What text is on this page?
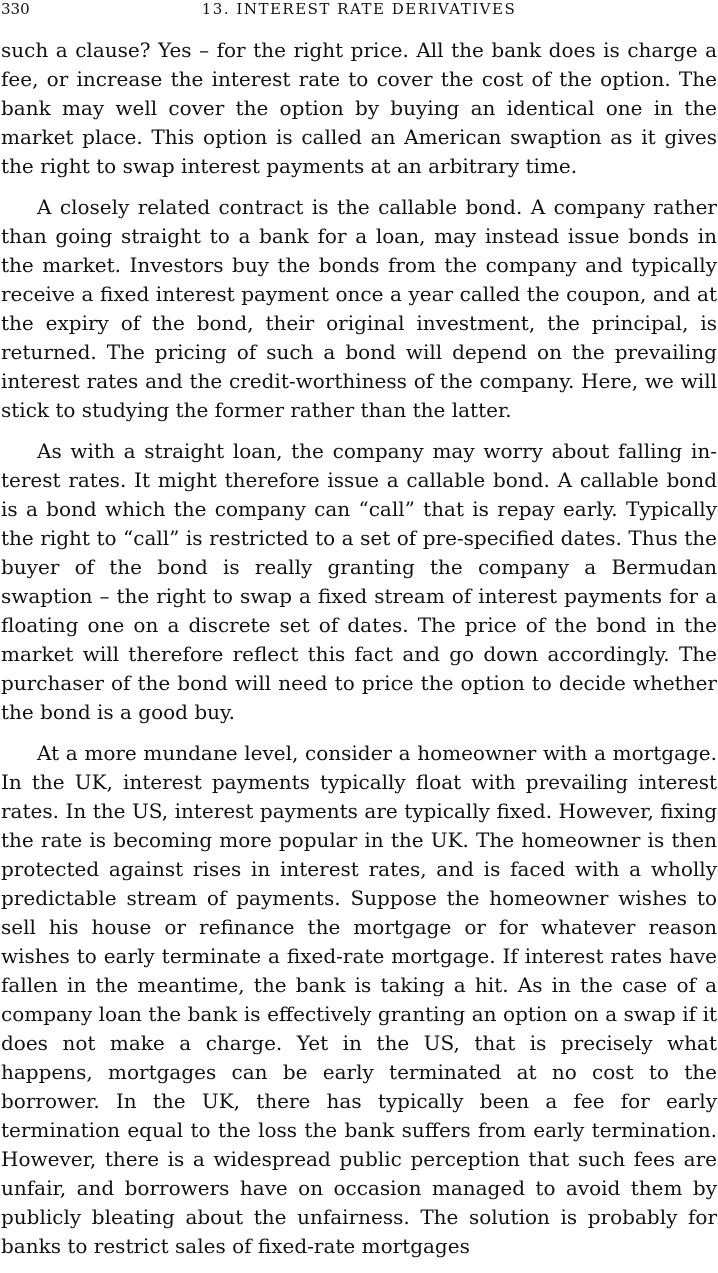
330	13. INTEREST RATE DERIVATIVES

such a clause? Yes – for the right price. All the bank does is charge a fee, or increase the interest rate to cover the cost of the option. The bank may well cover the option by buying an identical one in the market place. This option is called an American swaption as it gives the right to swap interest payments at an arbitrary time.

A closely related contract is the callable bond. A company rather than going straight to a bank for a loan, may instead issue bonds in the market. Investors buy the bonds from the company and typically receive a fixed interest payment once a year called the coupon, and at the expiry of the bond, their original investment, the principal, is returned. The pricing of such a bond will depend on the prevailing interest rates and the credit-worthiness of the company. Here, we will stick to studying the former rather than the latter.

As with a straight loan, the company may worry about falling interest rates. It might therefore issue a callable bond. A callable bond is a bond which the company can “call” that is repay early. Typically the right to “call” is restricted to a set of pre-specified dates. Thus the buyer of the bond is really granting the company a Bermudan swaption – the right to swap a fixed stream of interest payments for a floating one on a discrete set of dates. The price of the bond in the market will therefore reflect this fact and go down accordingly. The purchaser of the bond will need to price the option to decide whether the bond is a good buy.

At a more mundane level, consider a homeowner with a mortgage. In the UK, interest payments typically float with prevailing interest rates. In the US, interest payments are typically fixed. However, fixing the rate is becoming more popular in the UK. The homeowner is then protected against rises in interest rates, and is faced with a wholly predictable stream of payments. Suppose the homeowner wishes to sell his house or refinance the mortgage or for whatever reason wishes to early terminate a fixed-rate mortgage. If interest rates have fallen in the meantime, the bank is taking a hit. As in the case of a company loan the bank is effectively granting an option on a swap if it does not make a charge. Yet in the US, that is precisely what happens, mortgages can be early terminated at no cost to the borrower. In the UK, there has typically been a fee for early termination equal to the loss the bank suffers from early termination. However, there is a widespread public perception that such fees are unfair, and borrowers have on occasion managed to avoid them by publicly bleating about the unfairness. The solution is probably for banks to restrict sales of fixed-rate mortgages
